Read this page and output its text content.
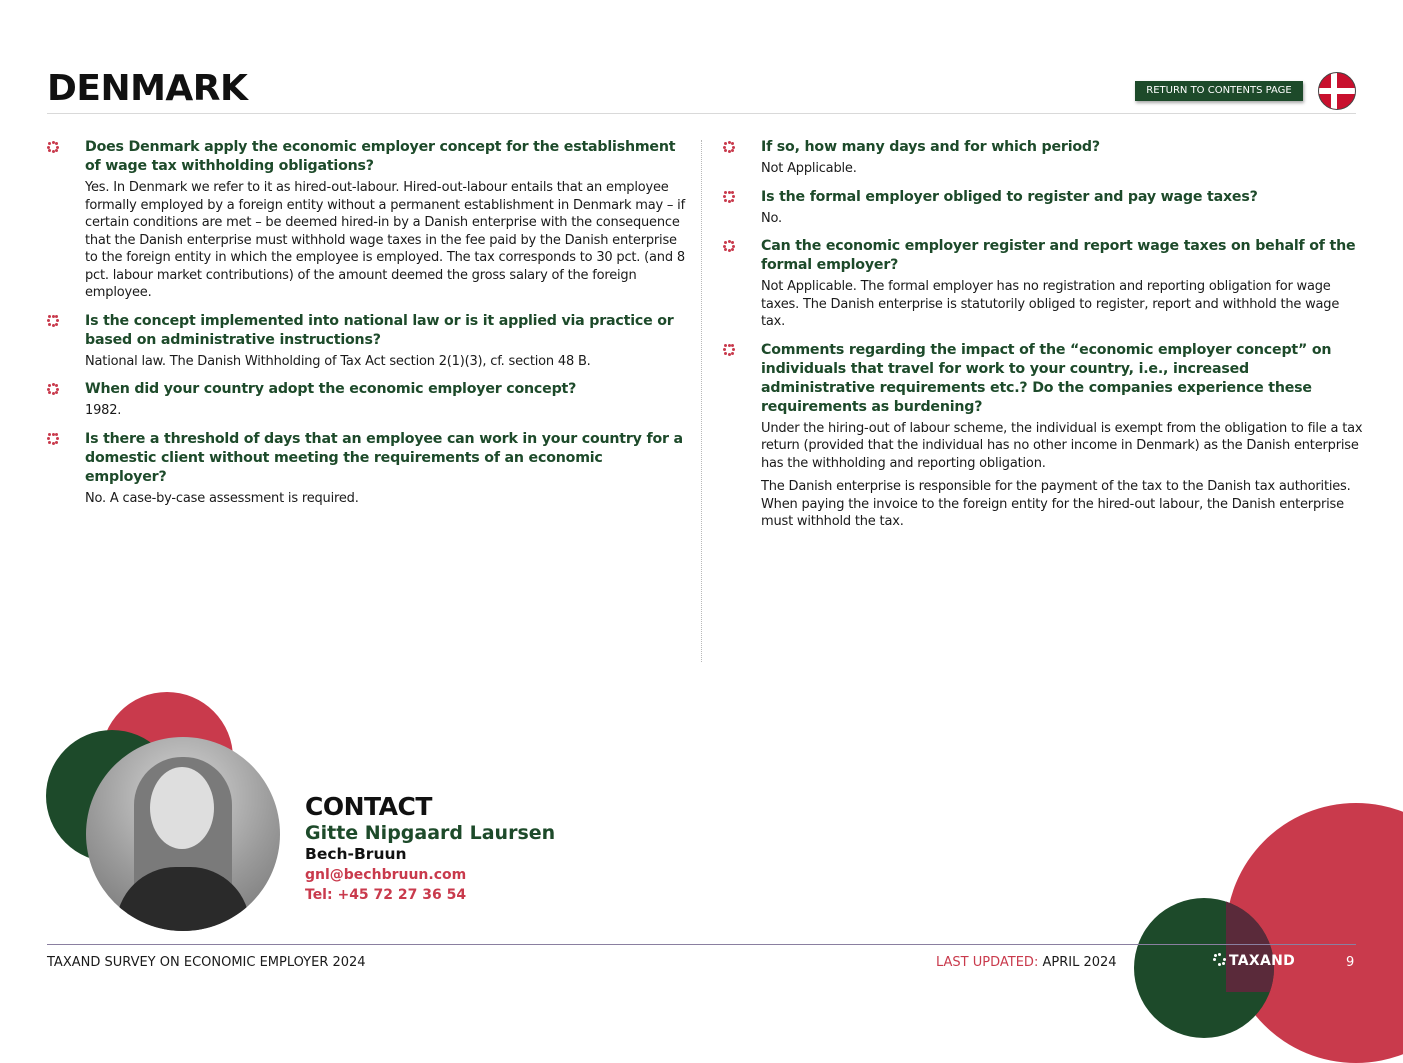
DENMARK	RETURN TO CONTENTS PAGE

Does Denmark apply the economic employer concept for the establishment of wage tax withholding obligations?

Yes. In Denmark we refer to it as hired-out-labour. Hired-out-labour entails that an employee formally employed by a foreign entity without a permanent establishment in Denmark may – if certain conditions are met – be deemed hired-in by a Danish enterprise with the consequence that the Danish enterprise must withhold wage taxes in the fee paid by the Danish enterprise to the foreign entity in which the employee is employed. The tax corresponds to 30 pct. (and 8 pct. labour market contributions) of the amount deemed the gross salary of the foreign employee.

Is the concept implemented into national law or is it applied via practice or based on administrative instructions?

National law. The Danish Withholding of Tax Act section 2(1)(3), cf. section 48 B.

When did your country adopt the economic employer concept?

1982.

Is there a threshold of days that an employee can work in your country for a domestic client without meeting the requirements of an economic employer?

No. A case-by-case assessment is required.

If so, how many days and for which period?

Not Applicable.

Is the formal employer obliged to register and pay wage taxes?

No.

Can the economic employer register and report wage taxes on behalf of the formal employer?

Not Applicable. The formal employer has no registration and reporting obligation for wage taxes. The Danish enterprise is statutorily obliged to register, report and withhold the wage tax.

Comments regarding the impact of the “economic employer concept” on individuals that travel for work to your country, i.e., increased administrative requirements etc.? Do the companies experience these requirements as burdening?

Under the hiring-out of labour scheme, the individual is exempt from the obligation to file a tax return (provided that the individual has no other income in Denmark) as the Danish enterprise has the withholding and reporting obligation.

The Danish enterprise is responsible for the payment of the tax to the Danish tax authorities. When paying the invoice to the foreign entity for the hired-out labour, the Danish enterprise must withhold the tax.

CONTACT
Gitte Nipgaard Laursen
Bech-Bruun
gnl@bechbruun.com
Tel: +45 72 27 36 54
TAXAND SURVEY ON ECONOMIC EMPLOYER 2024	LAST UPDATED: APRIL 2024	TAXAND	9
